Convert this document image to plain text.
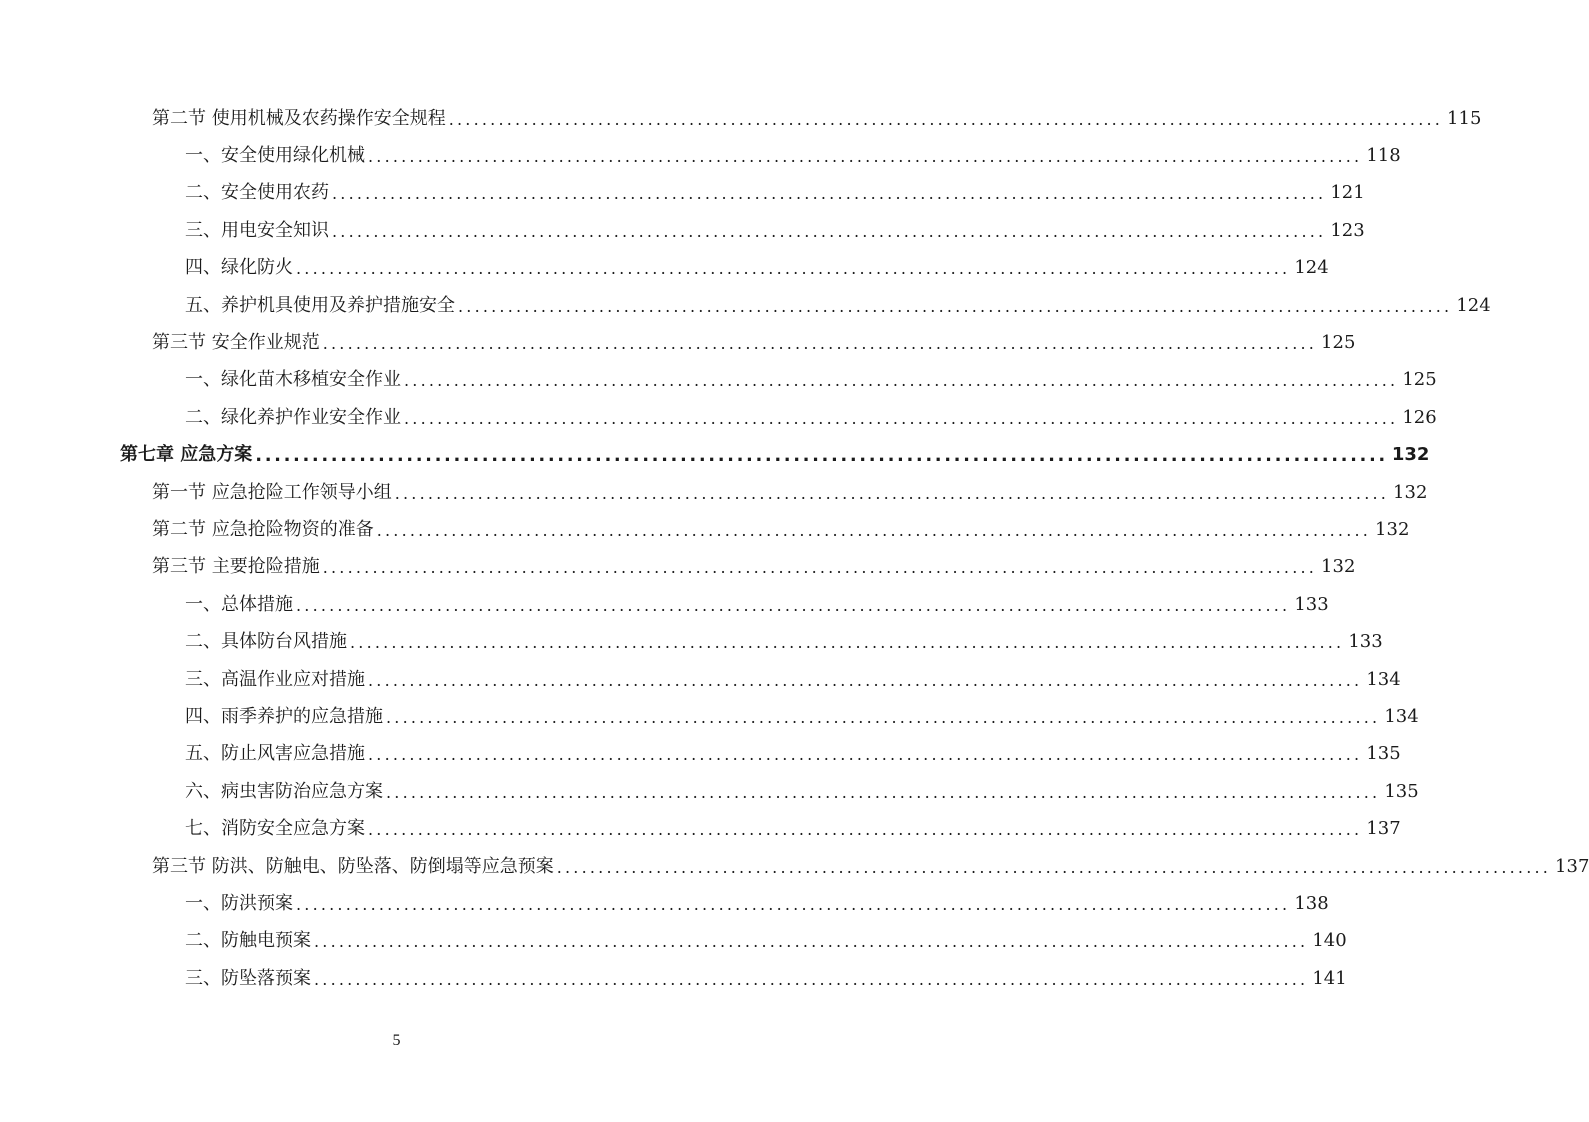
第二节 使用机械及农药操作安全规程 ........................................................................................................................ 115
一、安全使用绿化机械 ........................................................................................................................ 118
二、安全使用农药 ........................................................................................................................ 121
三、用电安全知识 ........................................................................................................................ 123
四、绿化防火 ........................................................................................................................ 124
五、养护机具使用及养护措施安全 ........................................................................................................................ 124
第三节 安全作业规范 ........................................................................................................................ 125
一、绿化苗木移植安全作业 ........................................................................................................................ 125
二、绿化养护作业安全作业 ........................................................................................................................ 126
第七章 应急方案 ........................................................................................................................ 132
第一节 应急抢险工作领导小组 ........................................................................................................................ 132
第二节 应急抢险物资的准备 ........................................................................................................................ 132
第三节 主要抢险措施 ........................................................................................................................ 132
一、总体措施 ........................................................................................................................ 133
二、具体防台风措施 ........................................................................................................................ 133
三、高温作业应对措施 ........................................................................................................................ 134
四、雨季养护的应急措施 ........................................................................................................................ 134
五、防止风害应急措施 ........................................................................................................................ 135
六、病虫害防治应急方案 ........................................................................................................................ 135
七、消防安全应急方案 ........................................................................................................................ 137
第三节 防洪、防触电、防坠落、防倒塌等应急预案 ........................................................................................................................ 137
一、防洪预案 ........................................................................................................................ 138
二、防触电预案 ........................................................................................................................ 140
三、防坠落预案 ........................................................................................................................ 141
5
